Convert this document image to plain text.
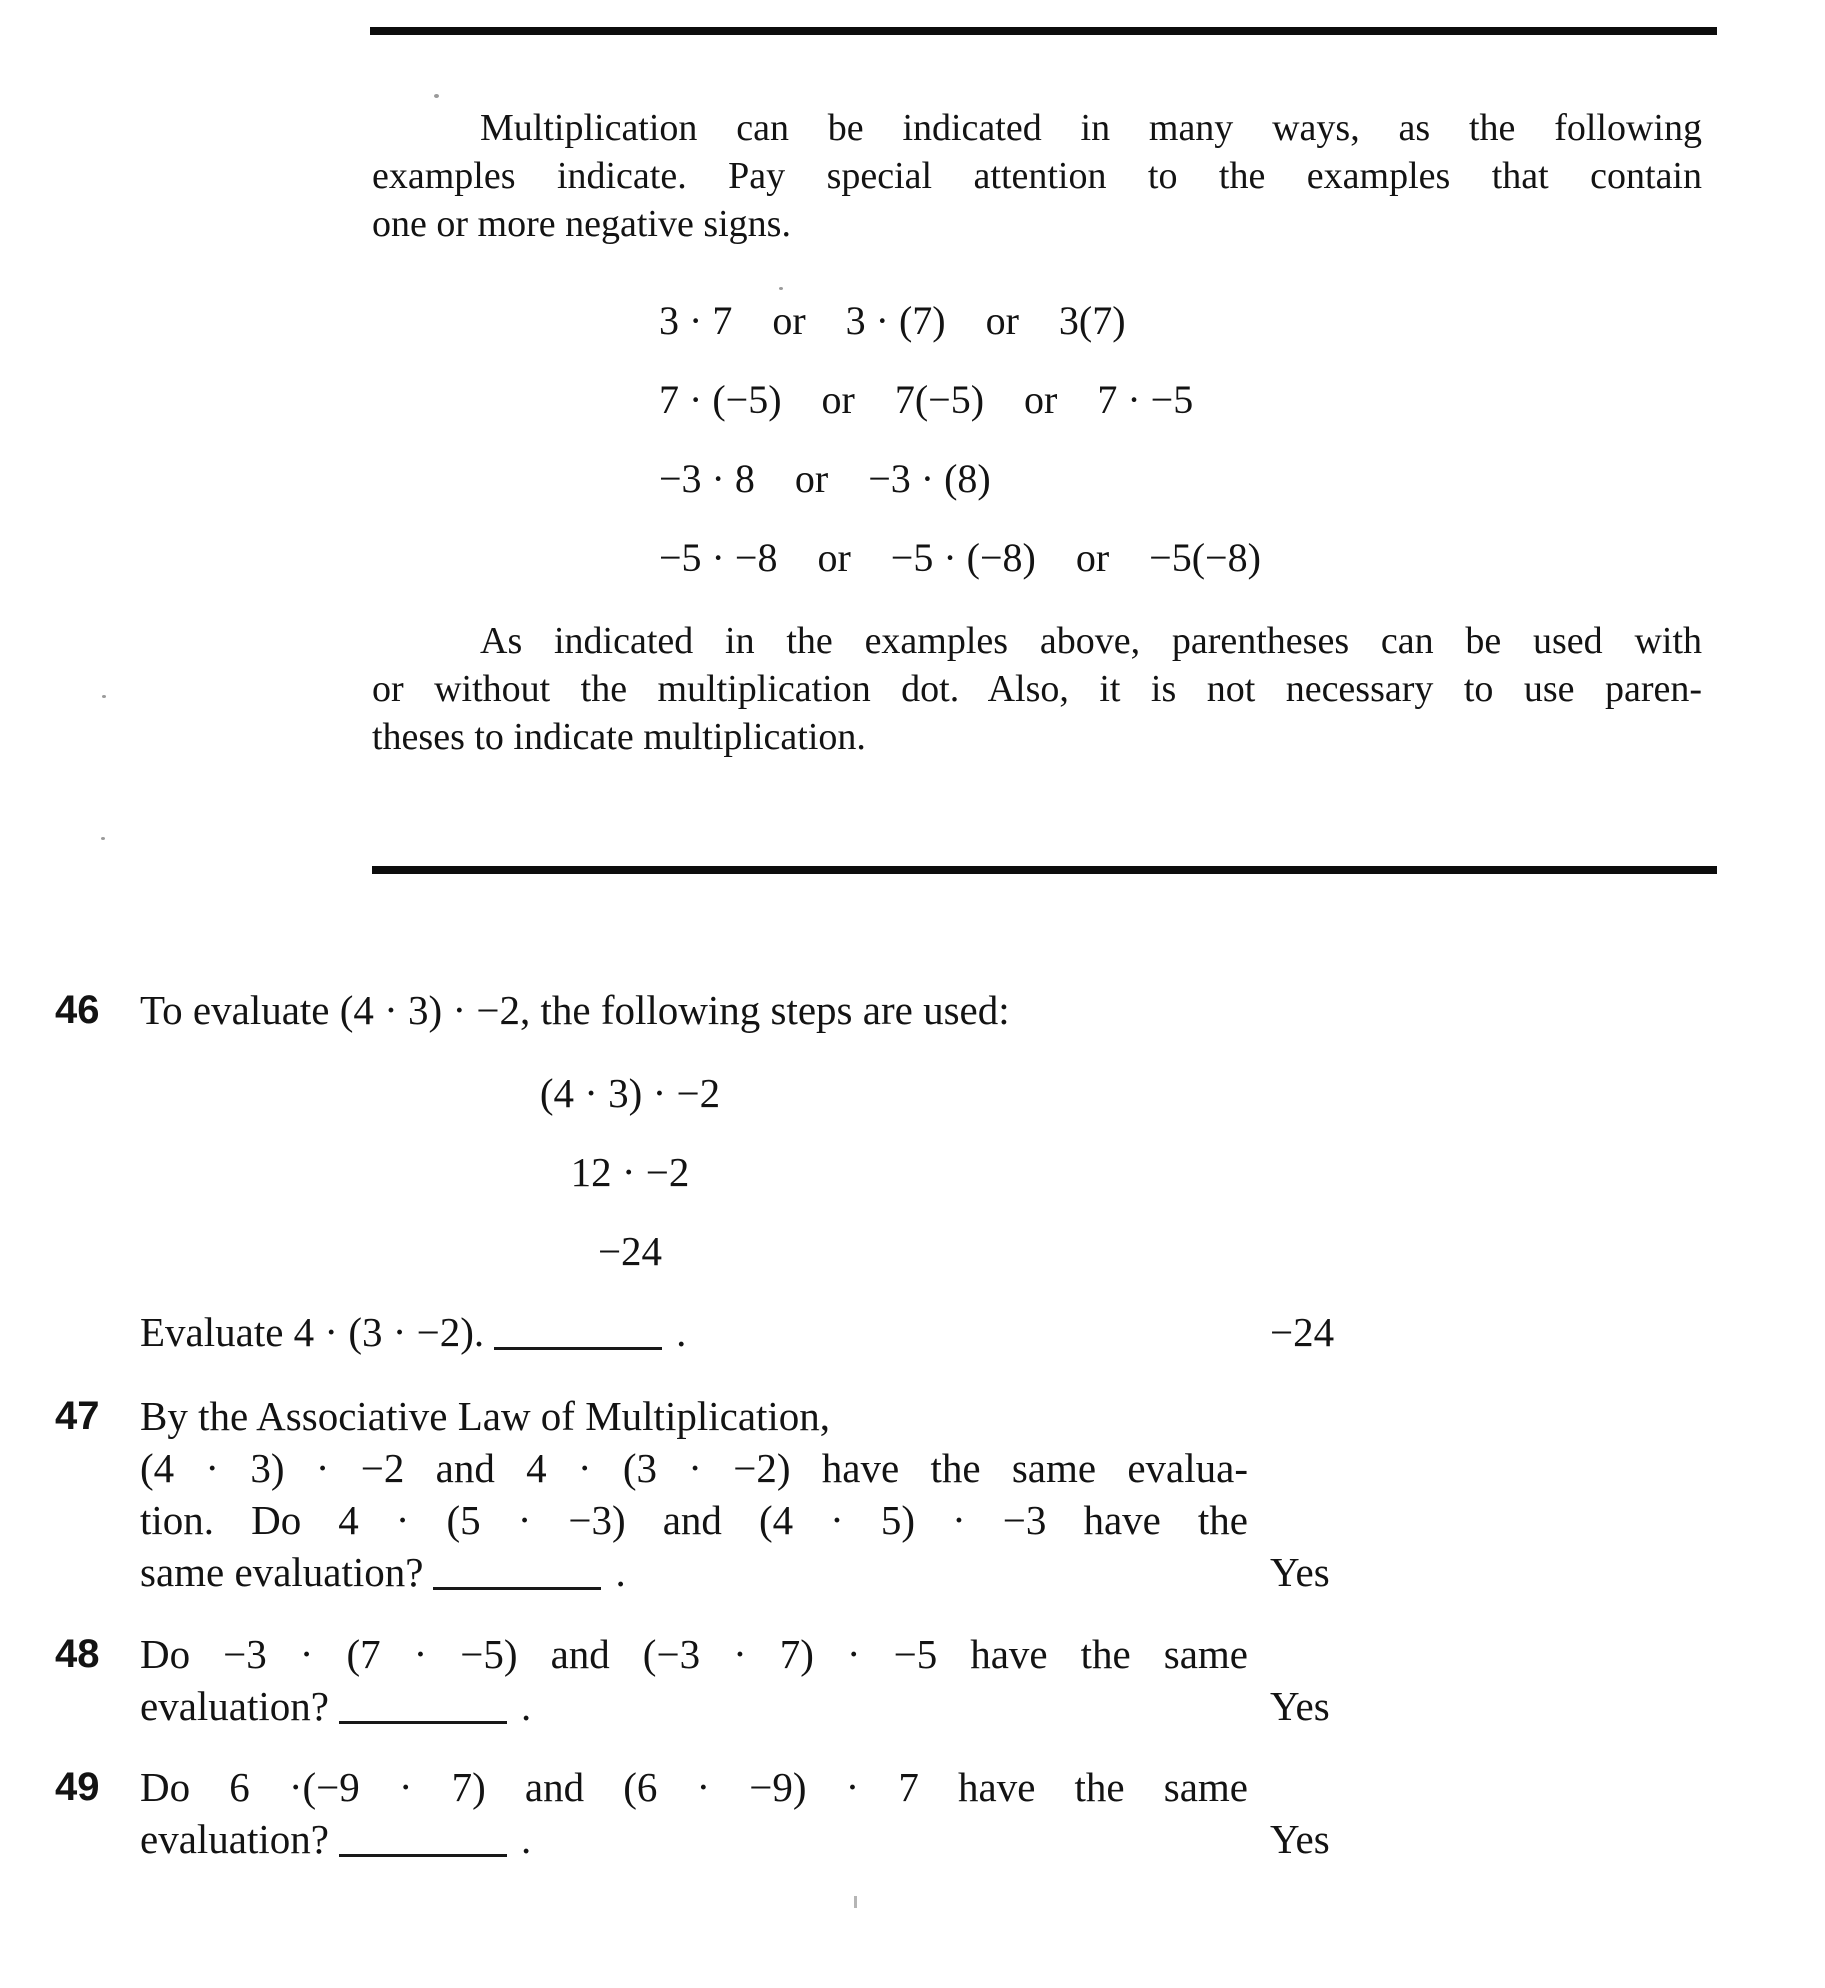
Multiplication can be indicated in many ways, as the following
examples indicate. Pay special attention to the examples that contain
one or more negative signs.
3 · 7    or    3 · (7)    or    3(7)
7 · (−5)    or    7(−5)    or    7 · −5
−3 · 8    or    −3 · (8)
−5 · −8    or    −5 · (−8)    or    −5(−8)
As indicated in the examples above, parentheses can be used with
or without the multiplication dot. Also, it is not necessary to use paren-
theses to indicate multiplication.
46 To evaluate (4 · 3) · −2, the following steps are used:
(4 · 3) · −2
12 · −2
−24
Evaluate 4 · (3 · −2).	.	−24
47 By the Associative Law of Multiplication,
(4 · 3) · −2 and 4 · (3 · −2) have the same evalua-
tion. Do 4 · (5 · −3) and (4 · 5) · −3 have the
same evaluation?	.	Yes
48 Do −3 · (7 · −5) and (−3 · 7) · −5 have the same
evaluation?	.	Yes
49 Do 6 ·(−9 · 7) and (6 · −9) · 7 have the same
evaluation?	.	Yes
